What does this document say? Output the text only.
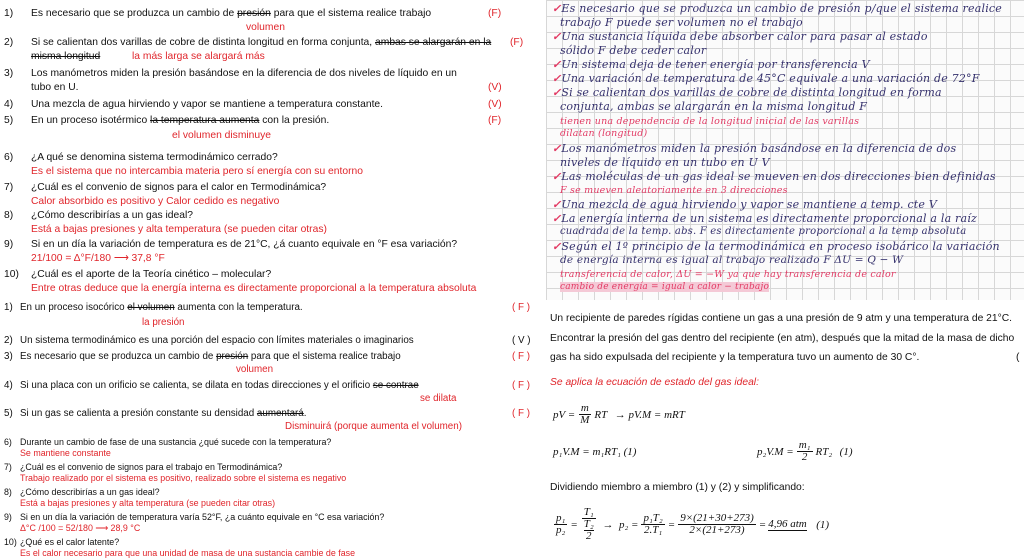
1) Es necesario que se produzca un cambio de presión para que el sistema realice trabajo	(F)
volumen
2) Si se calientan dos varillas de cobre de distinta longitud en forma conjunta, ambas se alargarán en la (F)
misma longitud	la más larga se alargará más
3) Los manómetros miden la presión basándose en la diferencia de dos niveles de líquido en un
tubo en U.	(V)
4) Una mezcla de agua hirviendo y vapor se mantiene a temperatura constante.	(V)
5) En un proceso isotérmico la temperatura aumenta con la presión.	(F)
el volumen disminuye
6) ¿A qué se denomina sistema termodinámico cerrado?
Es el sistema que no intercambia materia pero sí energía con su entorno
7) ¿Cuál es el convenio de signos para el calor en Termodinámica?
Calor absorbido es positivo y Calor cedido es negativo
8) ¿Cómo describirías a un gas ideal?
Está a bajas presiones y alta temperatura (se pueden citar otras)
9) Si en un día la variación de temperatura es de 21°C, ¿á cuanto equivale en °F esa variación?
21/100 = Δ°F/180 ⟶ 37,8 °F
10) ¿Cuál es el aporte de la Teoría cinético – molecular?
Entre otras deduce que la energía interna es directamente proporcional a la temperatura absoluta
✓Es necesario que se produzca un cambio de presión p/que el sistema realice
trabajo F puede ser volumen no el trabajo
✓Una sustancia líquida debe absorber calor para pasar al estado
sólido F debe ceder calor
✓Un sistema deja de tener energía por transferencia V
✓Una variación de temperatura de 45°C equivale a una variación de 72°F
✓Si se calientan dos varillas de cobre de distinta longitud en forma
conjunta, ambas se alargarán en la misma longitud F
tienen una dependencia de la longitud inicial de las varillas
dilatan (longitud)
✓Los manómetros miden la presión basándose en la diferencia de dos
niveles de líquido en un tubo en U V
✓Las moléculas de un gas ideal se mueven en dos direcciones bien definidas
F se mueven aleatoriamente en 3 direcciones
✓Una mezcla de agua hirviendo y vapor se mantiene a temp. cte V
✓La energía interna de un sistema es directamente proporcional a la raíz
cuadrada de la temp. abs. F es directamente proporcional a la temp absoluta
✓Según el 1º principio de la termodinámica en proceso isobárico la variación
de energía interna es igual al trabajo realizado F ΔU = Q − W
transferencia de calor, ΔU = −W ya que hay transferencia de calor
cambio de energía = igual a calor − trabajo
1) En un proceso isocórico el volumen aumenta con la temperatura.	( F )
la presión
2) Un sistema termodinámico es una porción del espacio con límites materiales o imaginarios	( V )
3) Es necesario que se produzca un cambio de presión para que el sistema realice trabajo	( F )
volumen
4) Si una placa con un orificio se calienta, se dilata en todas direcciones y el orificio se contrae	( F )
se dilata
5) Si un gas se calienta a presión constante su densidad aumentará.	( F )
Disminuirá (porque aumenta el volumen)
6) Durante un cambio de fase de una sustancia ¿qué sucede con la temperatura?
Se mantiene constante
7) ¿Cuál es el convenio de signos para el trabajo en Termodinámica?
Trabajo realizado por el sistema es positivo, realizado sobre el sistema es negativo
8) ¿Cómo describirías a un gas ideal?
Está a bajas presiones y alta temperatura (se pueden citar otras)
9) Si en un día la variación de temperatura varía 52°F, ¿a cuánto equivale en °C esa variación?
Δ°C /100 = 52/180 ⟶ 28,9 °C
10) ¿Qué es el calor latente?
Es el calor necesario para que una unidad de masa de una sustancia cambie de fase
Un recipiente de paredes rígidas contiene un gas a una presión de 9 atm y una temperatura de 21°C.
Encontrar la presión del gas dentro del recipiente (en atm), después que la mitad de la masa de dicho
gas ha sido expulsada del recipiente y la temperatura tuvo un aumento de 30 C°.	(
Se aplica la ecuación de estado del gas ideal:
pV = $\frac{m}{M}$ RT → pV.M = mRT
p₁V.M = m₁RT₁ (1)	$p_2V.M = \frac{\text{m₁}}{2} RT_2$ (1)
Dividiendo miembro a miembro (1) y (2) y simplificando:
$\frac{\text{p₁}}{\text{p₂}} = T_1$
T₂
$2 \to p_2 = \frac{\text{p₁T₂}}{\text{2.T₁}} = \frac{9\times(21+30+273)}{2\times(21+273)} = 4,96$ atm
(1)
